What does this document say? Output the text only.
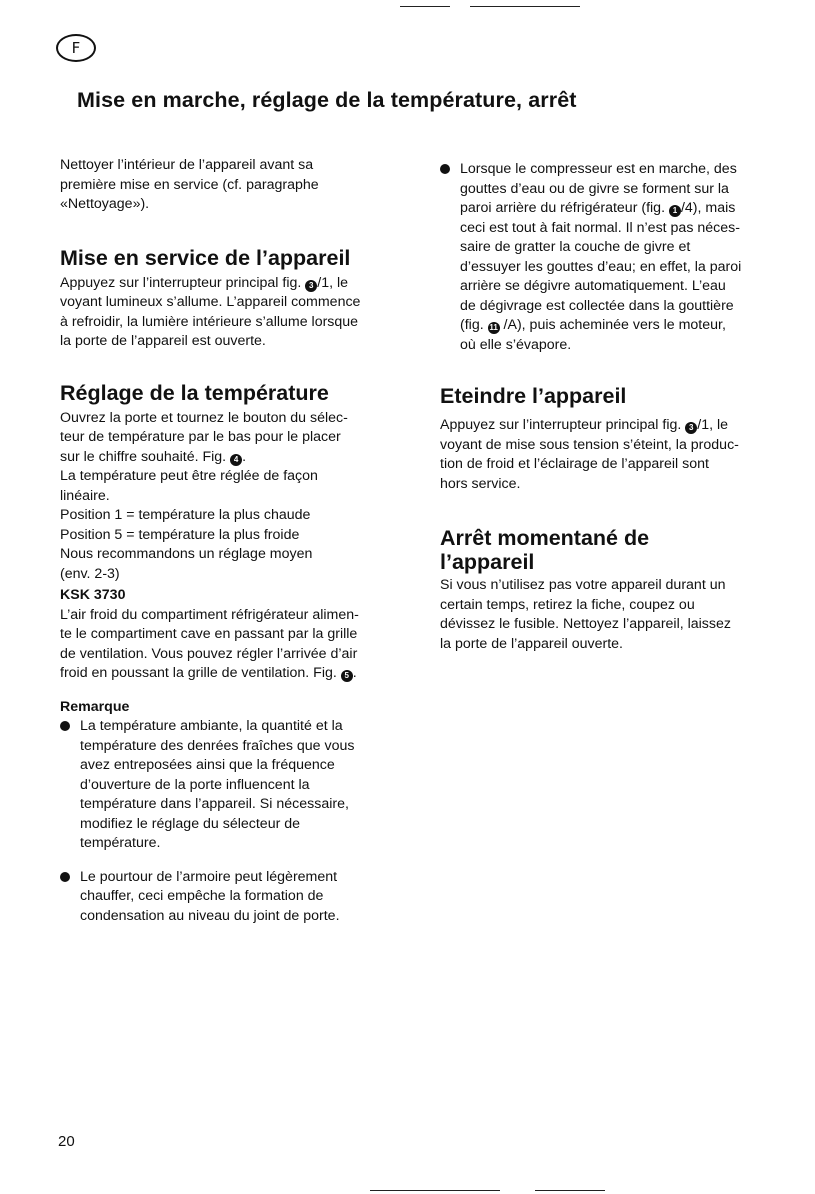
F
Mise en marche, réglage de la température, arrêt

Nettoyer l’intérieur de l’appareil avant sa
première mise en service (cf. paragraphe
«Nettoyage»).

Mise en service de l’appareil

Appuyez sur l’interrupteur principal fig. 3 /1, le
voyant lumineux s’allume. L’appareil commence
à refroidir, la lumière intérieure s’allume lorsque
la porte de l’appareil est ouverte.

Réglage de la température

Ouvrez la porte et tournez le bouton du sélec-
teur de température par le bas pour le placer
sur le chiffre souhaité. Fig. 4 .
La température peut être réglée de façon
linéaire.
Position 1 = température la plus chaude
Position 5 = température la plus froide
Nous recommandons un réglage moyen
(env. 2-3)

KSK 3730

L’air froid du compartiment réfrigérateur alimen-
te le compartiment cave en passant par la grille
de ventilation. Vous pouvez régler l’arrivée d’air
froid en poussant la grille de ventilation. Fig. 5 .

Remarque
La température ambiante, la quantité et la
température des denrées fraîches que vous
avez entreposées ainsi que la fréquence
d’ouverture de la porte influencent la
température dans l’appareil. Si nécessaire,
modifiez le réglage du sélecteur de
température.
Le pourtour de l’armoire peut légèrement
chauffer, ceci empêche la formation de
condensation au niveau du joint de porte.
Lorsque le compresseur est en marche, des
gouttes d’eau ou de givre se forment sur la
paroi arrière du réfrigérateur (fig. 1 /4), mais
ceci est tout à fait normal. Il n’est pas néces-
saire de gratter la couche de givre et
d’essuyer les gouttes d’eau; en effet, la paroi
arrière se dégivre automatiquement. L’eau
de dégivrage est collectée dans la gouttière
(fig. 11 /A), puis acheminée vers le moteur,
où elle s’évapore.
Eteindre l’appareil

Appuyez sur l’interrupteur principal fig. 3 /1, le
voyant de mise sous tension s’éteint, la produc-
tion de froid et l’éclairage de l’appareil sont
hors service.

Arrêt momentané de
l’appareil

Si vous n’utilisez pas votre appareil durant un
certain temps, retirez la fiche, coupez ou
dévissez le fusible. Nettoyez l’appareil, laissez
la porte de l’appareil ouverte.

20
